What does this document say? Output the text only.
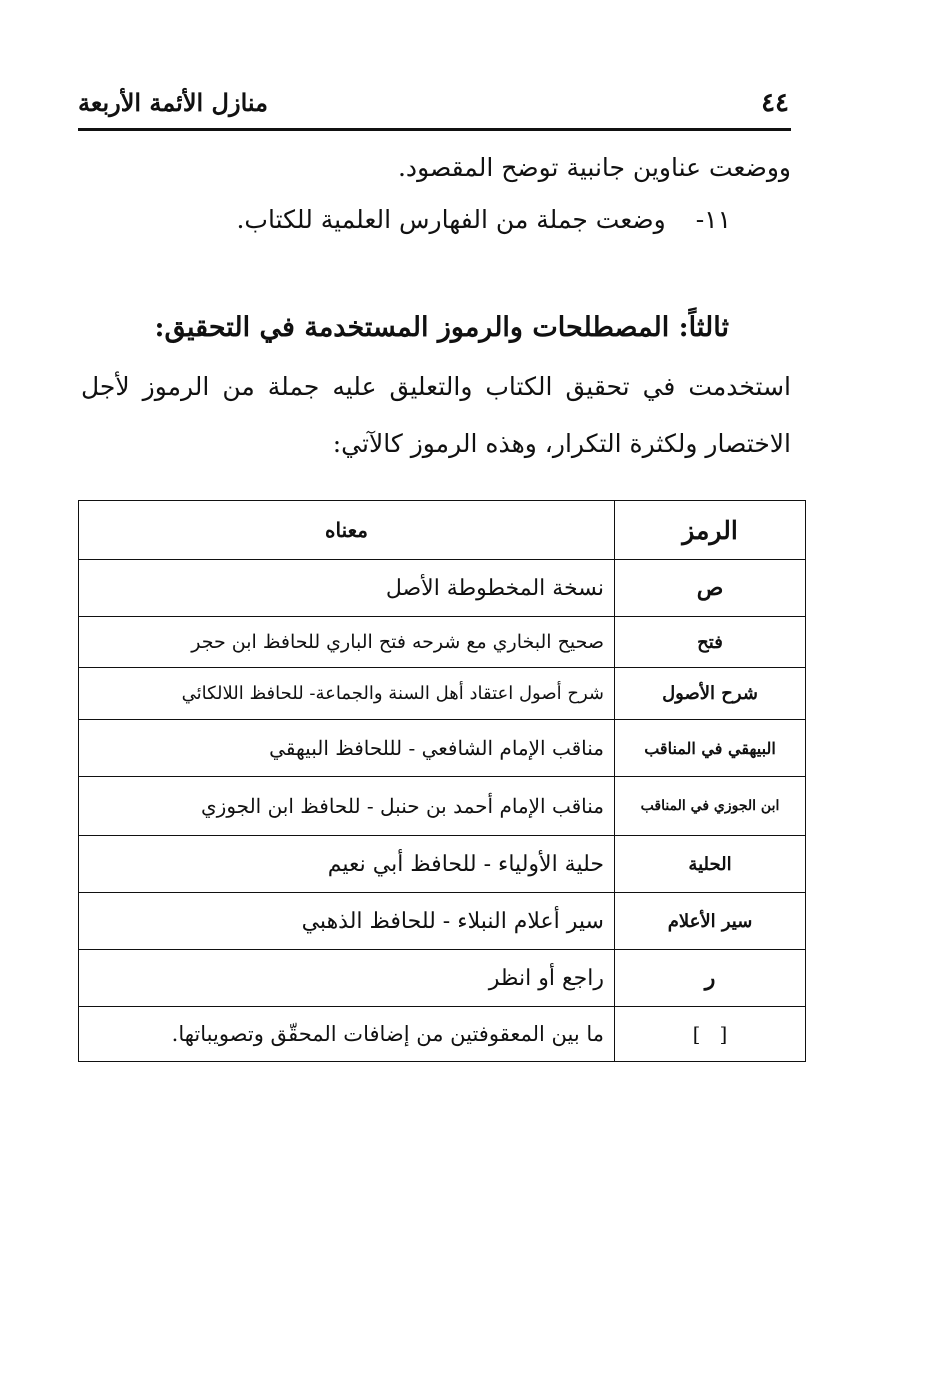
٤٤
منازل الأئمة الأربعة
ووضعت عناوين جانبية توضح المقصود.
١١- وضعت جملة من الفهارس العلمية للكتاب.
ثالثاً: المصطلحات والرموز المستخدمة في التحقيق:
استخدمت في تحقيق الكتاب والتعليق عليه جملة من الرموز لأجل
الاختصار ولكثرة التكرار، وهذه الرموز كالآتي:
الرمز	معناه
ص	نسخة المخطوطة الأصل
فتح	صحيح البخاري مع شرحه فتح الباري للحافظ ابن حجر
شرح الأصول	شرح أصول اعتقاد أهل السنة والجماعة- للحافظ اللالكائي
البيهقي في المناقب	مناقب الإمام الشافعي - لللحافظ البيهقي
ابن الجوزي في المناقب	مناقب الإمام أحمد بن حنبل - للحافظ ابن الجوزي
الحلية	حلية الأولياء - للحافظ أبي نعيم
سير الأعلام	سير أعلام النبلاء - للحافظ الذهبي
ر	راجع أو انظر
[   ]	ما بين المعقوفتين من إضافات المحقّق وتصويباتها.
